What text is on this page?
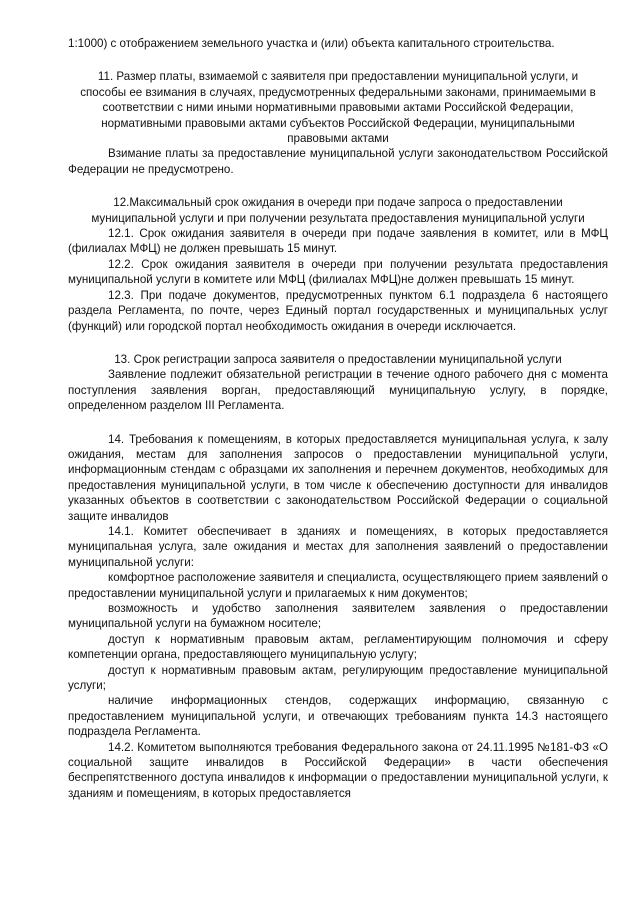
1:1000) с отображением земельного участка и (или) объекта капитального строительства.

11. Размер платы, взимаемой с заявителя при предоставлении муниципальной услуги, и способы ее взимания в случаях, предусмотренных федеральными законами, принимаемыми в соответствии с ними иными нормативными правовыми актами Российской Федерации, нормативными правовыми актами субъектов Российской Федерации, муниципальными правовыми актами

Взимание платы за предоставление муниципальной услуги законодательством Российской Федерации не предусмотрено.

12.Максимальный срок ожидания в очереди при подаче запроса о предоставлении муниципальной услуги и при получении результата предоставления муниципальной услуги

12.1. Срок ожидания заявителя в очереди при подаче заявления в комитет, или в МФЦ (филиалах МФЦ) не должен превышать 15 минут.

12.2. Срок ожидания заявителя в очереди при получении результата предоставления муниципальной услуги в комитете или МФЦ (филиалах МФЦ)не должен превышать 15 минут.

12.3. При подаче документов, предусмотренных пунктом 6.1 подраздела 6 настоящего раздела Регламента, по почте, через Единый портал государственных и муниципальных услуг (функций) или городской портал необходимость ожидания в очереди исключается.

13. Срок регистрации запроса заявителя о предоставлении муниципальной услуги

Заявление подлежит обязательной регистрации в течение одного рабочего дня с момента поступления заявления ворган, предоставляющий муниципальную услугу, в порядке, определенном разделом III Регламента.

14. Требования к помещениям, в которых предоставляется муниципальная услуга, к залу ожидания, местам для заполнения запросов о предоставлении муниципальной услуги, информационным стендам с образцами их заполнения и перечнем документов, необходимых для предоставления муниципальной услуги, в том числе к обеспечению доступности для инвалидов указанных объектов в соответствии с законодательством Российской Федерации о социальной защите инвалидов

14.1. Комитет обеспечивает в зданиях и помещениях, в которых предоставляется муниципальная услуга, зале ожидания и местах для заполнения заявлений о предоставлении муниципальной услуги:

комфортное расположение заявителя и специалиста, осуществляющего прием заявлений о предоставлении муниципальной услуги и прилагаемых к ним документов;

возможность и удобство заполнения заявителем заявления о предоставлении муниципальной услуги на бумажном носителе;

доступ к нормативным правовым актам, регламентирующим полномочия и сферу компетенции органа, предоставляющего муниципальную услугу;

доступ к нормативным правовым актам, регулирующим предоставление муниципальной услуги;

наличие информационных стендов, содержащих информацию, связанную с предоставлением муниципальной услуги, и отвечающих требованиям пункта 14.3 настоящего подраздела Регламента.

14.2. Комитетом выполняются требования Федерального закона от 24.11.1995 №181-ФЗ «О социальной защите инвалидов в Российской Федерации» в части обеспечения беспрепятственного доступа инвалидов к информации о предоставлении муниципальной услуги, к зданиям и помещениям, в которых предоставляется
